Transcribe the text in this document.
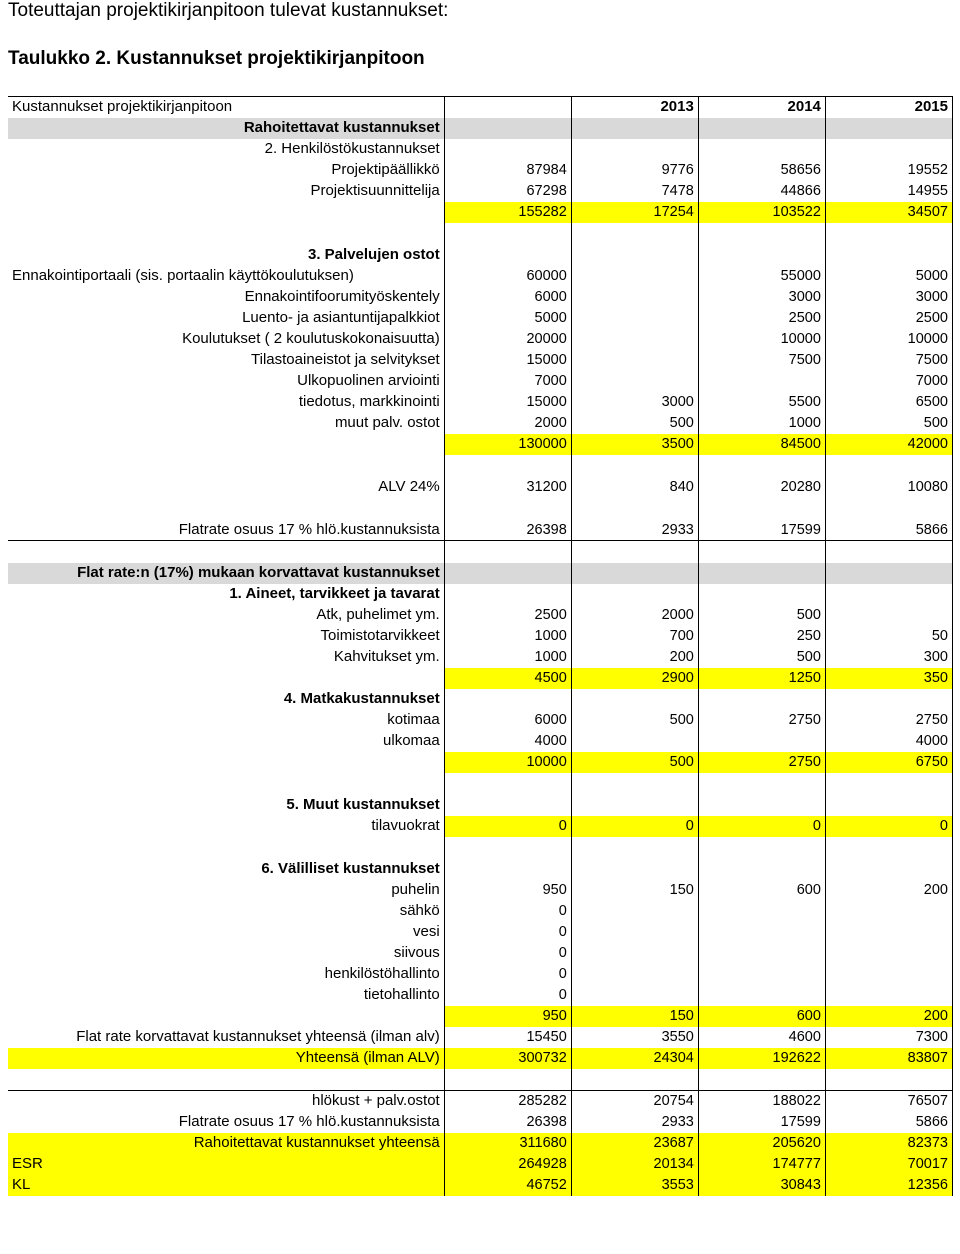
Toteuttajan projektikirjanpitoon tulevat kustannukset:
Taulukko 2. Kustannukset projektikirjanpitoon
Kustannukset projektikirjanpitoon		2013	2014	2015
Rahoitettavat kustannukset				
2. Henkilöstökustannukset				
Projektipäällikkö	87984	9776	58656	19552
Projektisuunnittelija	67298	7478	44866	14955
	155282	17254	103522	34507

3. Palvelujen ostot				
Ennakointiportaali (sis. portaalin käyttökoulutuksen)	60000		55000	5000
Ennakointifoorumityöskentely	6000		3000	3000
Luento- ja asiantuntijapalkkiot	5000		2500	2500
Koulutukset ( 2 koulutuskokonaisuutta)	20000		10000	10000
Tilastoaineistot ja selvitykset	15000		7500	7500
Ulkopuolinen arviointi	7000			7000
tiedotus, markkinointi	15000	3000	5500	6500
muut palv. ostot	2000	500	1000	500
	130000	3500	84500	42000

ALV 24%	31200	840	20280	10080

Flatrate osuus 17 % hlö.kustannuksista	26398	2933	17599	5866

Flat rate:n (17%) mukaan korvattavat kustannukset				
1. Aineet, tarvikkeet ja tavarat				
Atk, puhelimet ym.	2500	2000	500	
Toimistotarvikkeet	1000	700	250	50
Kahvitukset ym.	1000	200	500	300
	4500	2900	1250	350
4. Matkakustannukset				
kotimaa	6000	500	2750	2750
ulkomaa	4000			4000
	10000	500	2750	6750

5. Muut kustannukset				
tilavuokrat	0	0	0	0

6. Välilliset kustannukset				
puhelin	950	150	600	200
sähkö	0			
vesi	0			
siivous	0			
henkilöstöhallinto	0			
tietohallinto	0			
	950	150	600	200
Flat rate korvattavat kustannukset yhteensä (ilman alv)	15450	3550	4600	7300
Yhteensä (ilman ALV)	300732	24304	192622	83807

hlökust + palv.ostot	285282	20754	188022	76507
Flatrate osuus 17 % hlö.kustannuksista	26398	2933	17599	5866
Rahoitettavat kustannukset yhteensä	311680	23687	205620	82373
ESR	264928	20134	174777	70017
KL	46752	3553	30843	12356
